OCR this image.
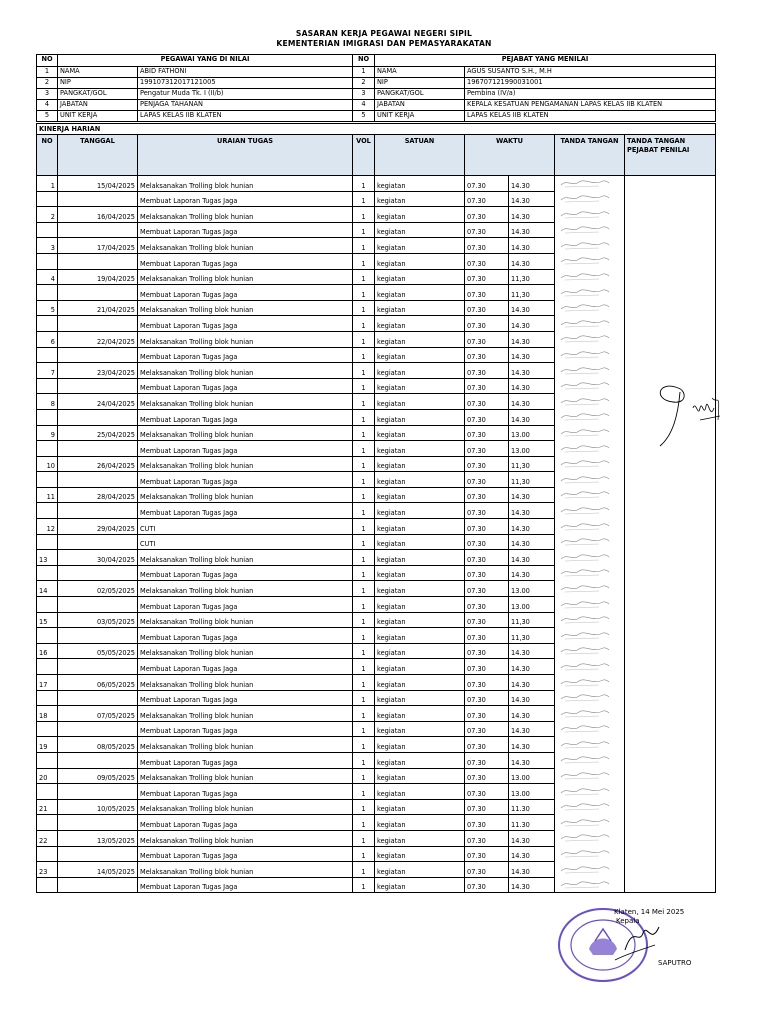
SASARAN KERJA PEGAWAI NEGERI SIPIL
KEMENTERIAN IMIGRASI DAN PEMASYARAKATAN
NO	PEGAWAI YANG DI NILAI		NO	PEJABAT YANG MENILAI	
1	NAMA	ABID FATHONI	1	NAMA	AGUS SUSANTO S.H., M.H
2	NIP	199107312017121005	2	NIP	196707121990031001
3	PANGKAT/GOL	Pengatur Muda Tk. I (II/b)	3	PANGKAT/GOL	Pembina (IV/a)
4	JABATAN	PENJAGA TAHANAN	4	JABATAN	KEPALA KESATUAN PENGAMANAN LAPAS KELAS IIB KLATEN
5	UNIT KERJA	LAPAS KELAS IIB KLATEN	5	UNIT KERJA	LAPAS KELAS IIB KLATEN
KINERJA HARIAN								
NO	TANGGAL	URAIAN TUGAS	VOL	SATUAN	WAKTU		TANDA TANGAN	TANDA TANGAN PEJABAT PENILAI
1	15/04/2025	Melaksanakan Trolling blok hunian	1	kegiatan	07.30	14.30	

		Membuat Laporan Tugas Jaga	1	kegiatan	07.30	14.30	

2	16/04/2025	Melaksanakan Trolling blok hunian	1	kegiatan	07.30	14.30	

		Membuat Laporan Tugas Jaga	1	kegiatan	07.30	14.30	

3	17/04/2025	Melaksanakan Trolling blok hunian	1	kegiatan	07.30	14.30	

		Membuat Laporan Tugas Jaga	1	kegiatan	07.30	14.30	

4	19/04/2025	Melaksanakan Trolling blok hunian	1	kegiatan	07.30	11,30	

		Membuat Laporan Tugas Jaga	1	kegiatan	07.30	11,30	

5	21/04/2025	Melaksanakan Trolling blok hunian	1	kegiatan	07.30	14.30	

		Membuat Laporan Tugas Jaga	1	kegiatan	07.30	14.30	

6	22/04/2025	Melaksanakan Trolling blok hunian	1	kegiatan	07.30	14.30	

		Membuat Laporan Tugas Jaga	1	kegiatan	07.30	14.30	

7	23/04/2025	Melaksanakan Trolling blok hunian	1	kegiatan	07.30	14.30	

		Membuat Laporan Tugas Jaga	1	kegiatan	07.30	14.30	

8	24/04/2025	Melaksanakan Trolling blok hunian	1	kegiatan	07.30	14.30	

		Membuat Laporan Tugas Jaga	1	kegiatan	07.30	14.30	

9	25/04/2025	Melaksanakan Trolling blok hunian	1	kegiatan	07.30	13.00	

		Membuat Laporan Tugas Jaga	1	kegiatan	07.30	13.00	

10	26/04/2025	Melaksanakan Trolling blok hunian	1	kegiatan	07.30	11,30	

		Membuat Laporan Tugas Jaga	1	kegiatan	07.30	11,30	

11	28/04/2025	Melaksanakan Trolling blok hunian	1	kegiatan	07.30	14.30	

		Membuat Laporan Tugas Jaga	1	kegiatan	07.30	14.30	

12	29/04/2025	CUTI	1	kegiatan	07.30	14.30	

		CUTI	1	kegiatan	07.30	14.30	

13	30/04/2025	Melaksanakan Trolling blok hunian	1	kegiatan	07.30	14.30	

		Membuat Laporan Tugas Jaga	1	kegiatan	07.30	14.30	

14	02/05/2025	Melaksanakan Trolling blok hunian	1	kegiatan	07.30	13.00	

		Membuat Laporan Tugas Jaga	1	kegiatan	07.30	13.00	

15	03/05/2025	Melaksanakan Trolling blok hunian	1	kegiatan	07.30	11,30	

		Membuat Laporan Tugas Jaga	1	kegiatan	07.30	11,30	

16	05/05/2025	Melaksanakan Trolling blok hunian	1	kegiatan	07.30	14.30	

		Membuat Laporan Tugas Jaga	1	kegiatan	07.30	14.30	

17	06/05/2025	Melaksanakan Trolling blok hunian	1	kegiatan	07.30	14.30	

		Membuat Laporan Tugas Jaga	1	kegiatan	07.30	14.30	

18	07/05/2025	Melaksanakan Trolling blok hunian	1	kegiatan	07.30	14.30	

		Membuat Laporan Tugas Jaga	1	kegiatan	07.30	14.30	

19	08/05/2025	Melaksanakan Trolling blok hunian	1	kegiatan	07.30	14.30	

		Membuat Laporan Tugas Jaga	1	kegiatan	07.30	14.30	

20	09/05/2025	Melaksanakan Trolling blok hunian	1	kegiatan	07.30	13.00	

		Membuat Laporan Tugas Jaga	1	kegiatan	07.30	13.00	

21	10/05/2025	Melaksanakan Trolling blok hunian	1	kegiatan	07.30	11.30	

		Membuat Laporan Tugas Jaga	1	kegiatan	07.30	11.30	

22	13/05/2025	Melaksanakan Trolling blok hunian	1	kegiatan	07.30	14.30	

		Membuat Laporan Tugas Jaga	1	kegiatan	07.30	14.30	

23	14/05/2025	Melaksanakan Trolling blok hunian	1	kegiatan	07.30	14.30	

		Membuat Laporan Tugas Jaga	1	kegiatan	07.30	14.30	
Klaten, 14 Mei 2025
Kepala
SAPUTRO
